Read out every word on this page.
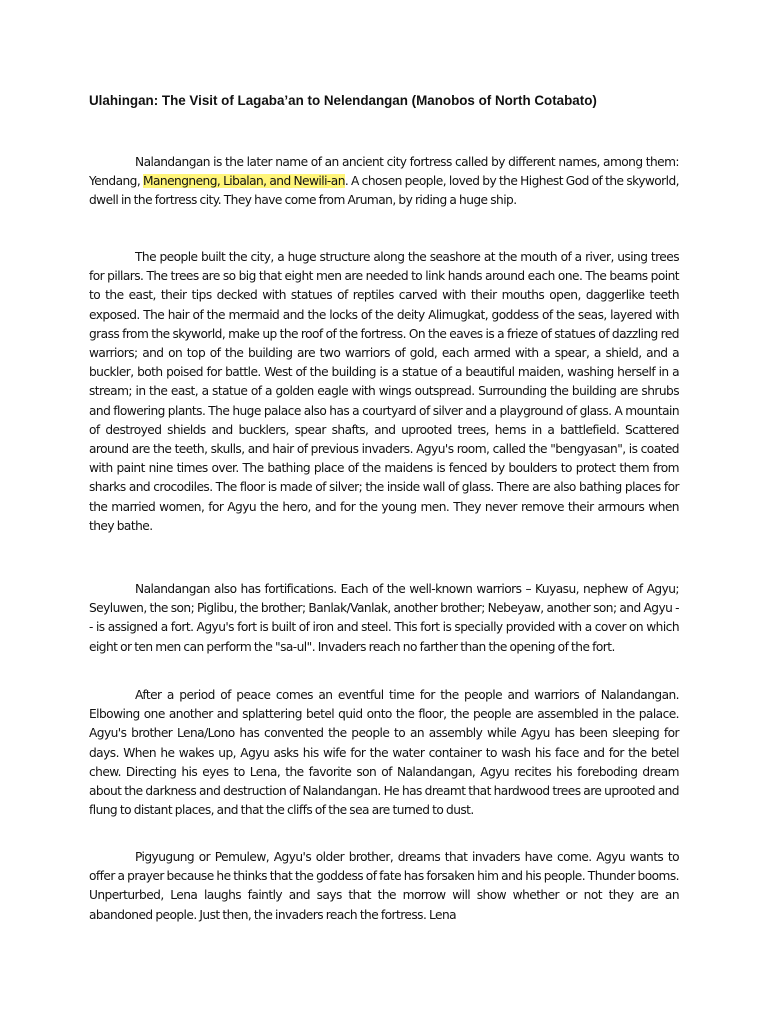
Ulahingan: The Visit of Lagaba’an to Nelendangan (Manobos of North Cotabato)

Nalandangan is the later name of an ancient city fortress called by different names, among them: Yendang, Manengneng, Libalan, and Newili-an. A chosen people, loved by the Highest God of the skyworld, dwell in the fortress city. They have come from Aruman, by riding a huge ship.

The people built the city, a huge structure along the seashore at the mouth of a river, using trees for pillars. The trees are so big that eight men are needed to link hands around each one. The beams point to the east, their tips decked with statues of reptiles carved with their mouths open, daggerlike teeth exposed. The hair of the mermaid and the locks of the deity Alimugkat, goddess of the seas, layered with grass from the skyworld, make up the roof of the fortress. On the eaves is a frieze of statues of dazzling red warriors; and on top of the building are two warriors of gold, each armed with a spear, a shield, and a buckler, both poised for battle. West of the building is a statue of a beautiful maiden, washing herself in a stream; in the east, a statue of a golden eagle with wings outspread. Surrounding the building are shrubs and flowering plants. The huge palace also has a courtyard of silver and a playground of glass. A mountain of destroyed shields and bucklers, spear shafts, and uprooted trees, hems in a battlefield. Scattered around are the teeth, skulls, and hair of previous invaders. Agyu's room, called the "bengyasan", is coated with paint nine times over. The bathing place of the maidens is fenced by boulders to protect them from sharks and crocodiles. The floor is made of silver; the inside wall of glass. There are also bathing places for the married women, for Agyu the hero, and for the young men. They never remove their armours when they bathe.

Nalandangan also has fortifications. Each of the well-known warriors – Kuyasu, nephew of Agyu; Seyluwen, the son; Piglibu, the brother; Banlak/Vanlak, another brother; Nebeyaw, another son; and Agyu -- is assigned a fort. Agyu's fort is built of iron and steel. This fort is specially provided with a cover on which eight or ten men can perform the "sa-ul". Invaders reach no farther than the opening of the fort.

After a period of peace comes an eventful time for the people and warriors of Nalandangan. Elbowing one another and splattering betel quid onto the floor, the people are assembled in the palace. Agyu's brother Lena/Lono has convented the people to an assembly while Agyu has been sleeping for days. When he wakes up, Agyu asks his wife for the water container to wash his face and for the betel chew. Directing his eyes to Lena, the favorite son of Nalandangan, Agyu recites his foreboding dream about the darkness and destruction of Nalandangan. He has dreamt that hardwood trees are uprooted and flung to distant places, and that the cliffs of the sea are turned to dust.

Pigyugung or Pemulew, Agyu's older brother, dreams that invaders have come. Agyu wants to offer a prayer because he thinks that the goddess of fate has forsaken him and his people. Thunder booms. Unperturbed, Lena laughs faintly and says that the morrow will show whether or not they are an abandoned people. Just then, the invaders reach the fortress. Lena
